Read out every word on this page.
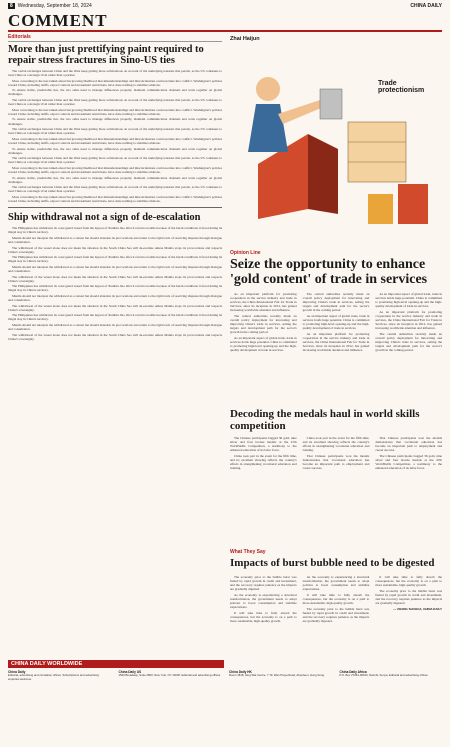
8	Wednesday, September 18, 2024	CHINA DAILY
COMMENT
Editorials
More than just prettifying paint required to repair stress fractures in Sino-US ties

The verbal exchanges between China and the West keep getting more acrimonious on account of the underlying tensions that persist, as the US continues to treat China as a strategic rival rather than a partner.

More concerning is the less talked-about but growing likelihood that misunderstandings and miscalculations could escalate into conflict. Washington's policies toward China, including tariffs, export controls and investment restrictions, have done nothing to stabilize relations.

To ensure stable, predictable ties, the two sides need to manage differences properly, maintain communication channels and work together on global challenges.

The verbal exchanges between China and the West keep getting more acrimonious on account of the underlying tensions that persist, as the US continues to treat China as a strategic rival rather than a partner.

More concerning is the less talked-about but growing likelihood that misunderstandings and miscalculations could escalate into conflict. Washington's policies toward China, including tariffs, export controls and investment restrictions, have done nothing to stabilize relations.

To ensure stable, predictable ties, the two sides need to manage differences properly, maintain communication channels and work together on global challenges.

The verbal exchanges between China and the West keep getting more acrimonious on account of the underlying tensions that persist, as the US continues to treat China as a strategic rival rather than a partner.

More concerning is the less talked-about but growing likelihood that misunderstandings and miscalculations could escalate into conflict. Washington's policies toward China, including tariffs, export controls and investment restrictions, have done nothing to stabilize relations.

To ensure stable, predictable ties, the two sides need to manage differences properly, maintain communication channels and work together on global challenges.

The verbal exchanges between China and the West keep getting more acrimonious on account of the underlying tensions that persist, as the US continues to treat China as a strategic rival rather than a partner.

More concerning is the less talked-about but growing likelihood that misunderstandings and miscalculations could escalate into conflict. Washington's policies toward China, including tariffs, export controls and investment restrictions, have done nothing to stabilize relations.

To ensure stable, predictable ties, the two sides need to manage differences properly, maintain communication channels and work together on global challenges.

The verbal exchanges between China and the West keep getting more acrimonious on account of the underlying tensions that persist, as the US continues to treat China as a strategic rival rather than a partner.

More concerning is the less talked-about but growing likelihood that misunderstandings and miscalculations could escalate into conflict. Washington's policies toward China, including tariffs, export controls and investment restrictions, have done nothing to stabilize relations.

Ship withdrawal not a sign of de-escalation

The Philippines has withdrawn its coast guard vessel from the lagoon of Xianbin Jiao after it ran into trouble because of the harsh conditions it faced during its illegal stay in China's territory.

Manila should not interpret the withdrawal as a retreat but should abandon its provocations and return to the right track of resolving disputes through dialogue and consultation.

The withdrawal of the vessel alone does not mean the situation in the South China Sea will de-escalate unless Manila stops its provocations and respects China's sovereignty.

The Philippines has withdrawn its coast guard vessel from the lagoon of Xianbin Jiao after it ran into trouble because of the harsh conditions it faced during its illegal stay in China's territory.

Manila should not interpret the withdrawal as a retreat but should abandon its provocations and return to the right track of resolving disputes through dialogue and consultation.

The withdrawal of the vessel alone does not mean the situation in the South China Sea will de-escalate unless Manila stops its provocations and respects China's sovereignty.

The Philippines has withdrawn its coast guard vessel from the lagoon of Xianbin Jiao after it ran into trouble because of the harsh conditions it faced during its illegal stay in China's territory.

Manila should not interpret the withdrawal as a retreat but should abandon its provocations and return to the right track of resolving disputes through dialogue and consultation.

The withdrawal of the vessel alone does not mean the situation in the South China Sea will de-escalate unless Manila stops its provocations and respects China's sovereignty.

The Philippines has withdrawn its coast guard vessel from the lagoon of Xianbin Jiao after it ran into trouble because of the harsh conditions it faced during its illegal stay in China's territory.

Manila should not interpret the withdrawal as a retreat but should abandon its provocations and return to the right track of resolving disputes through dialogue and consultation.

The withdrawal of the vessel alone does not mean the situation in the South China Sea will de-escalate unless Manila stops its provocations and respects China's sovereignty.

CHINA DAILY WORLDWIDE
China Daily
Editorial, advertising and circulation offices. Subscriptions and advertising enquiries welcome.
China Daily US
1500 Broadway, Suite 2800, New York, NY 10036. Editorial and advertising offices.
China Daily HK
Room 1818, Hing Wai Centre, 7 Tin Wan Praya Road, Aberdeen, Hong Kong.
China Daily Africa
P.O. Box 27281-00100, Nairobi, Kenya. Editorial and advertising offices.
Zhai Haijun
Trade protectionism
Opinion Line
Seize the opportunity to enhance 'gold content' of trade in services

As an important platform for promoting cooperation in the service industry and trade in services, the China International Fair for Trade in Services, since its inception in 2012, has gained increasing worldwide attention and influence.

The central authorities recently made an overall policy deployment for innovating and improving China's trade in services, setting the targets and development path for the sector's growth in the coming period.

As an important aspect of global trade, trade in services holds huge potential. China is committed to promoting high-level opening-up and the high-quality development of trade in services.

The central authorities recently made an overall policy deployment for innovating and improving China's trade in services, setting the targets and development path for the sector's growth in the coming period.

As an important aspect of global trade, trade in services holds huge potential. China is committed to promoting high-level opening-up and the high-quality development of trade in services.

As an important platform for promoting cooperation in the service industry and trade in services, the China International Fair for Trade in Services, since its inception in 2012, has gained increasing worldwide attention and influence.

As an important aspect of global trade, trade in services holds huge potential. China is committed to promoting high-level opening-up and the high-quality development of trade in services.

As an important platform for promoting cooperation in the service industry and trade in services, the China International Fair for Trade in Services, since its inception in 2012, has gained increasing worldwide attention and influence.

The central authorities recently made an overall policy deployment for innovating and improving China's trade in services, setting the targets and development path for the sector's growth in the coming period.

Decoding the medals haul in world skills competition

The Chinese participants bagged 36 gold, nine silver and four bronze medals at the 47th WorldSkills Competition, a testimony to the enhanced education of its labor force.

China took part in the event for the fifth time, and its excellent showing reflects the country's efforts in strengthening vocational education and training.

China took part in the event for the fifth time, and its excellent showing reflects the country's efforts in strengthening vocational education and training.

That Chinese participants won the medals demonstrates that vocational education has become an important path to employment and career success.

That Chinese participants won the medals demonstrates that vocational education has become an important path to employment and career success.

The Chinese participants bagged 36 gold, nine silver and four bronze medals at the 47th WorldSkills Competition, a testimony to the enhanced education of its labor force.

What They Say
Impacts of burst bubble need to be digested

The economy prior to the bubble burst was fueled by rapid growth in credit and investment, and the recovery requires patience as the impacts are gradually digested.

As the economy is experiencing a structural transformation, the government needs to adopt policies to boost consumption and stabilize expectations.

It will take time to fully absorb the consequences, but the economy is on a path to more sustainable, high-quality growth.

As the economy is experiencing a structural transformation, the government needs to adopt policies to boost consumption and stabilize expectations.

It will take time to fully absorb the consequences, but the economy is on a path to more sustainable, high-quality growth.

The economy prior to the bubble burst was fueled by rapid growth in credit and investment, and the recovery requires patience as the impacts are gradually digested.

It will take time to fully absorb the consequences, but the economy is on a path to more sustainable, high-quality growth.

The economy prior to the bubble burst was fueled by rapid growth in credit and investment, and the recovery requires patience as the impacts are gradually digested.

— ZHANG SHUHUA, CHINA DAILY
